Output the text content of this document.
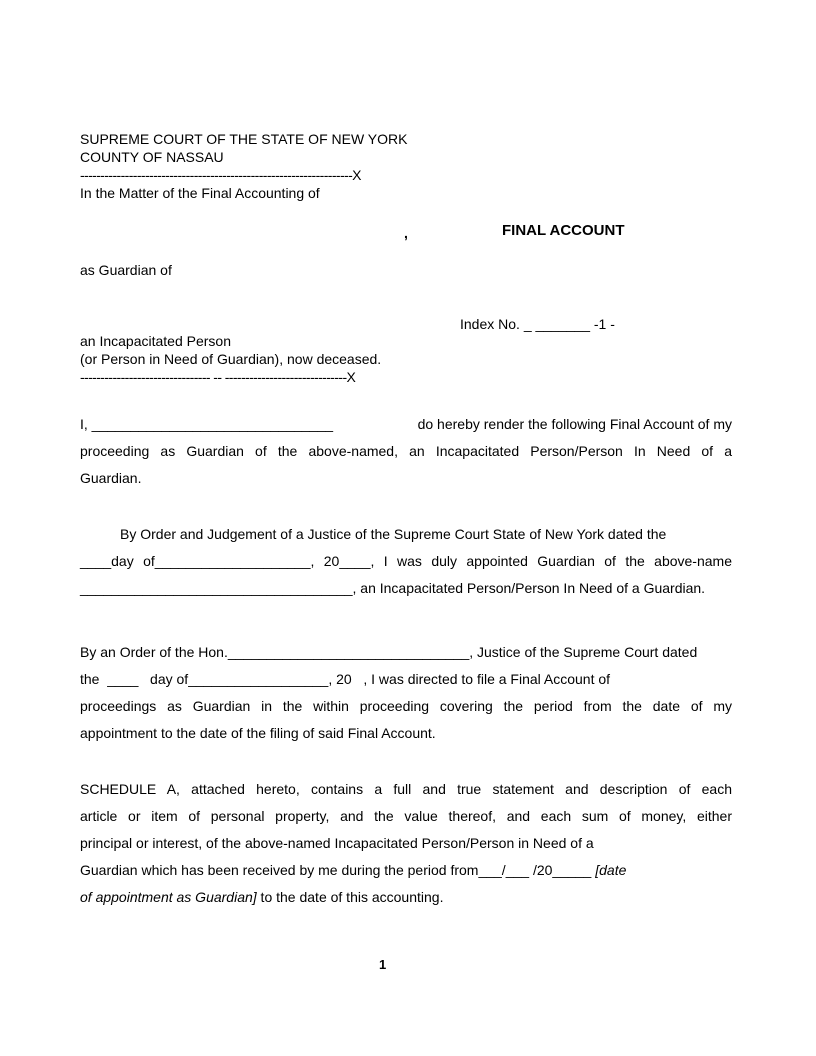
SUPREME COURT OF THE STATE OF NEW YORK
COUNTY OF NASSAU
-------------------------------------------------------------------X
In the Matter of the Final Accounting of
,	FINAL ACCOUNT
as Guardian of
Index No. _ _______ -1 -
an Incapacitated Person
(or Person in Need of Guardian), now deceased.
-------------------------------- -- ------------------------------X
I, _______________________________	do hereby render the following Final Account of my
proceeding as Guardian of the above-named, an Incapacitated Person/Person In Need of a
Guardian.
By Order and Judgement of a Justice of the Supreme Court State of New York dated the
____day of____________________, 20____, I was duly appointed Guardian of the above-name
___________________________________, an Incapacitated Person/Person In Need of a Guardian.
By an Order of the Hon._______________________________, Justice of the Supreme Court dated
the  ____   day of__________________, 20   , I was directed to file a Final Account of
proceedings as Guardian in the within proceeding covering the period from the date of my
appointment to the date of the filing of said Final Account.
SCHEDULE A, attached hereto, contains a full and true statement and description of each
article or item of personal property, and the value thereof, and each sum of money, either
principal or interest, of the above-named Incapacitated Person/Person in Need of a
Guardian which has been received by me during the period from___/___ /20_____ [date
of appointment as Guardian] to the date of this accounting.
1
